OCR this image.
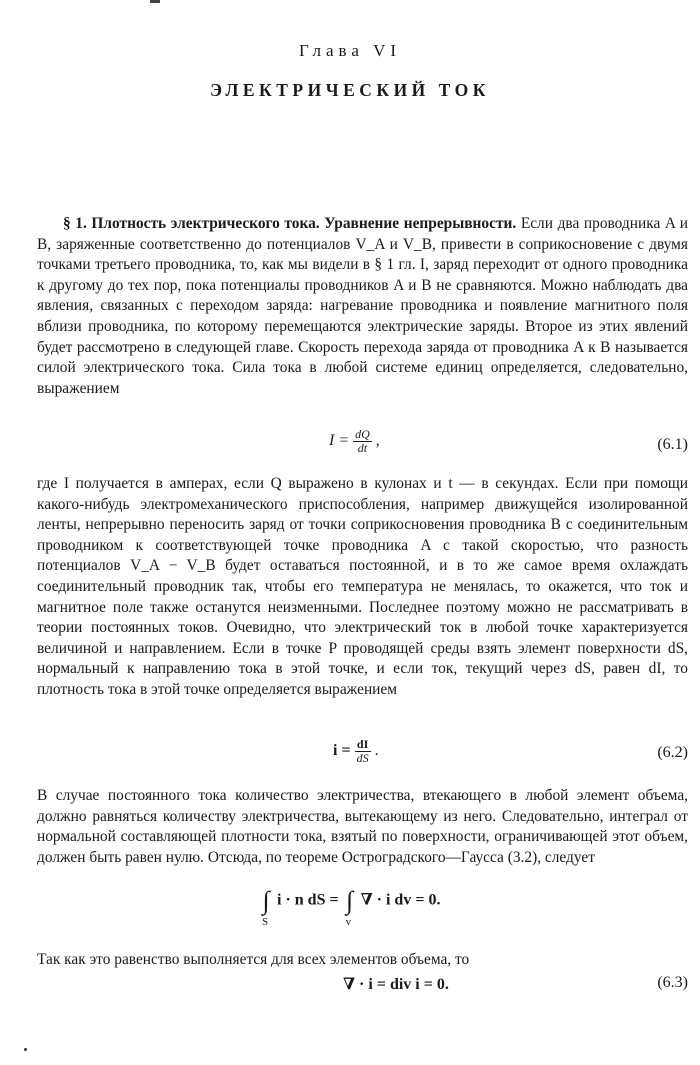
Глава VI
ЭЛЕКТРИЧЕСКИЙ ТОК
§ 1. Плотность электрического тока. Уравнение непрерывности. Если два проводника A и B, заряженные соответственно до потенциалов V_A и V_B, привести в соприкосновение с двумя точками третьего проводника, то, как мы видели в § 1 гл. I, заряд переходит от одного проводника к другому до тех пор, пока потенциалы проводников A и B не сравняются. Можно наблюдать два явления, связанных с переходом заряда: нагревание проводника и появление магнитного поля вблизи проводника, по которому перемещаются электрические заряды. Второе из этих явлений будет рассмотрено в следующей главе. Скорость перехода заряда от проводника A к B называется силой электрического тока. Сила тока в любой системе единиц определяется, следовательно, выражением
$I = \frac{dQ}{dt}$ ,	(6.1)
где I получается в амперах, если Q выражено в кулонах и t — в секундах. Если при помощи какого-нибудь электромеханического приспособления, например движущейся изолированной ленты, непрерывно переносить заряд от точки соприкосновения проводника B с соединительным проводником к соответствующей точке проводника A с такой скоростью, что разность потенциалов V_A − V_B будет оставаться постоянной, и в то же самое время охлаждать соединительный проводник так, чтобы его температура не менялась, то окажется, что ток и магнитное поле также останутся неизменными. Последнее поэтому можно не рассматривать в теории постоянных токов. Очевидно, что электрический ток в любой точке характеризуется величиной и направлением. Если в точке P проводящей среды взять элемент поверхности dS, нормальный к направлению тока в этой точке, и если ток, текущий через dS, равен dI, то плотность тока в этой точке определяется выражением
$i = \frac{dI}{dS}$ .	(6.2)
В случае постоянного тока количество электричества, втекающего в любой элемент объема, должно равняться количеству электричества, вытекающему из него. Следовательно, интеграл от нормальной составляющей плотности тока, взятый по поверхности, ограничивающей этот объем, должен быть равен нулю. Отсюда, по теореме Остроградского—Гаусса (3.2), следует
∫
S
i · n dS = ∫
v
∇ · i dv = 0.
Так как это равенство выполняется для всех элементов объема, то
∇ · i = div i = 0.	(6.3)
